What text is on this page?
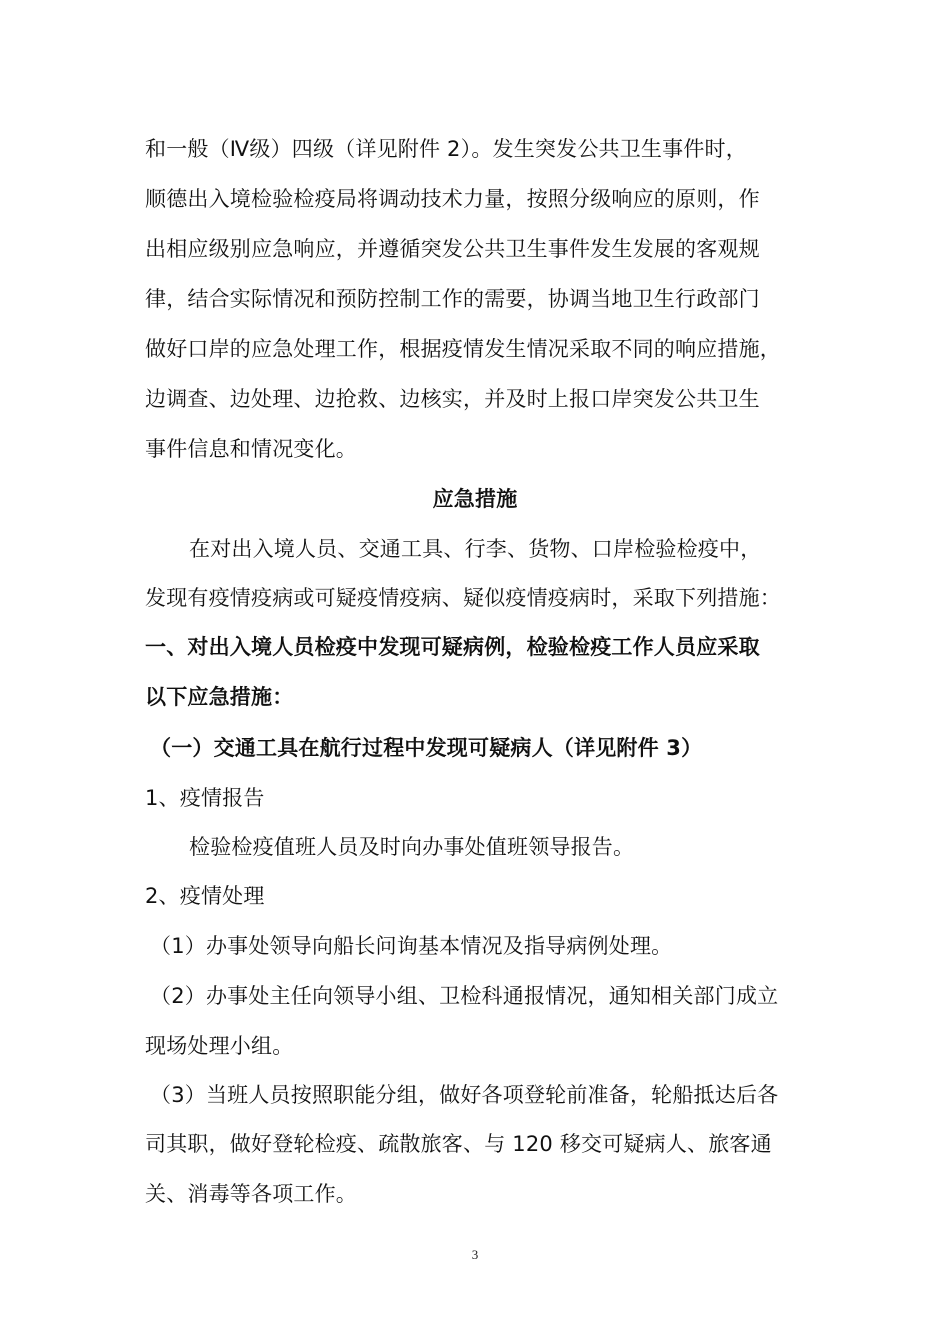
和一般（Ⅳ级）四级（详见附件 2）。发生突发公共卫生事件时，
顺德出入境检验检疫局将调动技术力量，按照分级响应的原则，作
出相应级别应急响应，并遵循突发公共卫生事件发生发展的客观规
律，结合实际情况和预防控制工作的需要，协调当地卫生行政部门
做好口岸的应急处理工作，根据疫情发生情况采取不同的响应措施，
边调查、边处理、边抢救、边核实，并及时上报口岸突发公共卫生
事件信息和情况变化。
应急措施
在对出入境人员、交通工具、行李、货物、口岸检验检疫中，
发现有疫情疫病或可疑疫情疫病、疑似疫情疫病时，采取下列措施：
一、对出入境人员检疫中发现可疑病例，检验检疫工作人员应采取
以下应急措施：
（一）交通工具在航行过程中发现可疑病人（详见附件 3）
1、疫情报告
检验检疫值班人员及时向办事处值班领导报告。
2、疫情处理
（1）办事处领导向船长问询基本情况及指导病例处理。
（2）办事处主任向领导小组、卫检科通报情况，通知相关部门成立
现场处理小组。
（3）当班人员按照职能分组，做好各项登轮前准备，轮船抵达后各
司其职，做好登轮检疫、疏散旅客、与 120 移交可疑病人、旅客通
关、消毒等各项工作。
3
